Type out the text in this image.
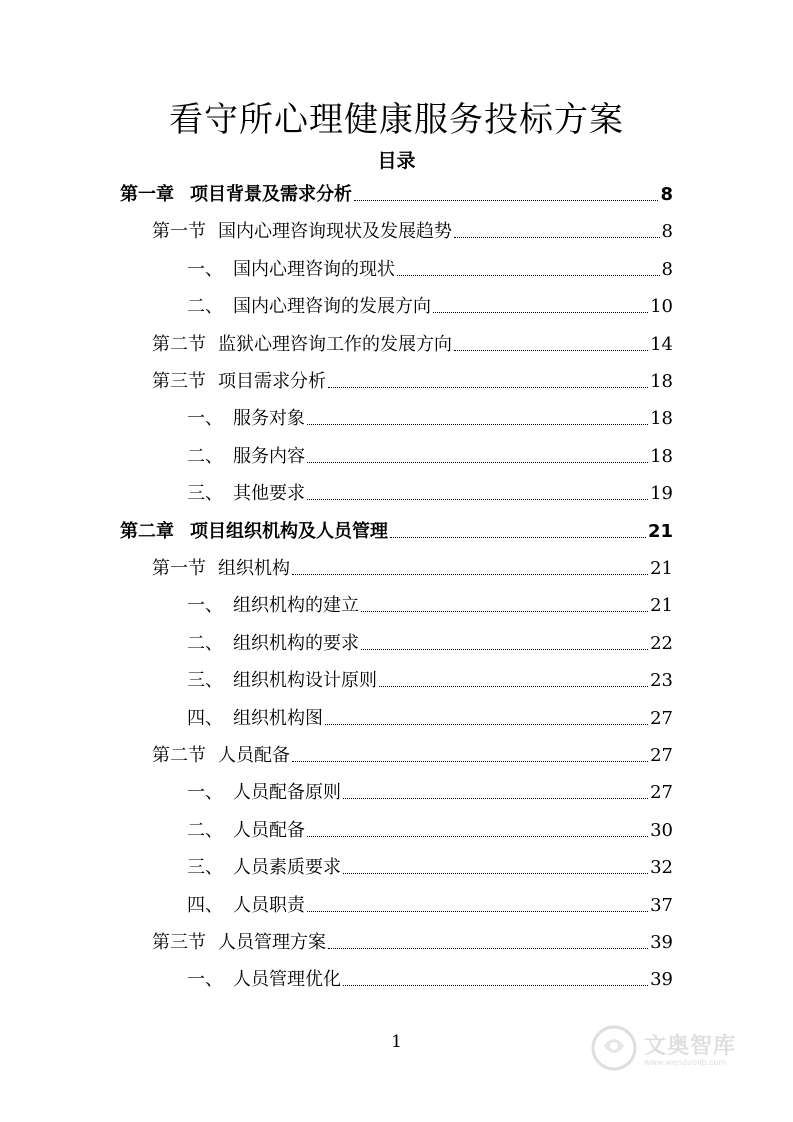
看守所心理健康服务投标方案
目录
第一章 项目背景及需求分析	8
第一节 国内心理咨询现状及发展趋势	8
一、 国内心理咨询的现状	8
二、 国内心理咨询的发展方向	10
第二节 监狱心理咨询工作的发展方向	14
第三节 项目需求分析	18
一、 服务对象	18
二、 服务内容	18
三、 其他要求	19
第二章 项目组织机构及人员管理	21
第一节 组织机构	21
一、 组织机构的建立	21
二、 组织机构的要求	22
三、 组织机构设计原则	23
四、 组织机构图	27
第二节 人员配备	27
一、 人员配备原则	27
二、 人员配备	30
三、 人员素质要求	32
四、 人员职责	37
第三节 人员管理方案	39
一、 人员管理优化	39
1	文奥智库
www.wenduolib.com
